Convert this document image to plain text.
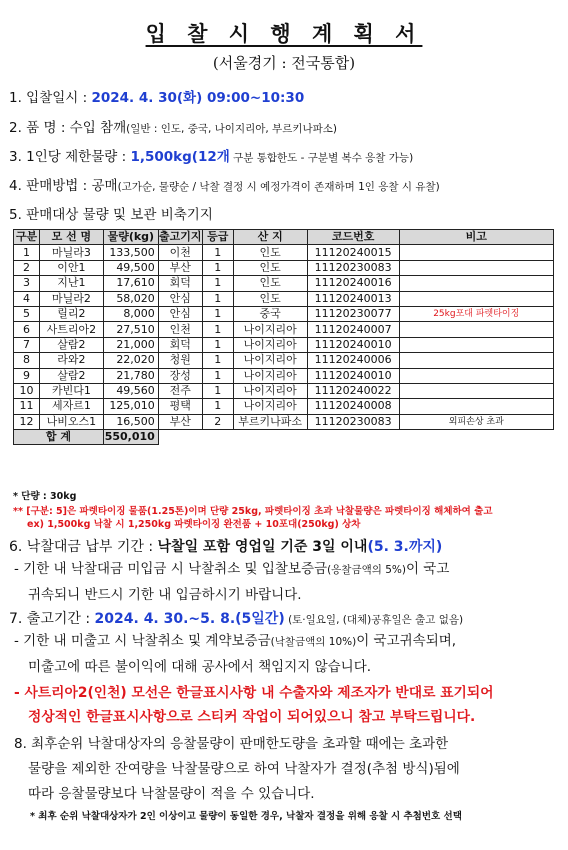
입 찰 시 행 계 획 서
(서울경기 : 전국통합)
1. 입찰일시 : 2024. 4. 30(화) 09:00~10:30
2. 품 명 : 수입 참깨(일반 : 인도, 중국, 나이지리아, 부르키나파소)
3. 1인당 제한물량 : 1,500kg(12개 구분 통합한도 - 구분별 복수 응찰 가능)
4. 판매방법 : 공매(고가순, 물량순 / 낙찰 결정 시 예정가격이 존재하며 1인 응찰 시 유찰)
5. 판매대상 물량 및 보관 비축기지
구분	모 선 명	물량(kg)	출고기지	등급	산 지	코드번호	비고
1	마닐라3	133,500	이천	1	인도	11120240015	
2	이안1	49,500	부산	1	인도	11120230083	
3	지난1	17,610	회덕	1	인도	11120240016	
4	마닐라2	58,020	안심	1	인도	11120240013	
5	릴리2	8,000	안심	1	중국	11120230077	25kg포대 파렛타이징
6	사트리아2	27,510	인천	1	나이지리아	11120240007	
7	살람2	21,000	회덕	1	나이지리아	11120240010	
8	라와2	22,020	청원	1	나이지리아	11120240006	
9	살람2	21,780	장성	1	나이지리아	11120240010	
10	카빈다1	49,560	전주	1	나이지리아	11120240022	
11	세자르1	125,010	평택	1	나이지리아	11120240008	
12	나비오스1	16,500	부산	2	부르키나파소	11120230083	외피손상 초과
합 계		550,010					
* 단량 : 30kg
** [구분: 5]은 파렛타이징 물품(1.25톤)이며 단량 25kg, 파렛타이징 초과 낙찰물량은 파렛타이징 해체하여 출고
ex) 1,500kg 낙찰 시 1,250kg 파렛타이징 완전품 + 10포대(250kg) 상차
6. 낙찰대금 납부 기간 : 낙찰일 포함 영업일 기준 3일 이내(5. 3.까지)
- 기한 내 낙찰대금 미입금 시 낙찰취소 및 입찰보증금(응찰금액의 5%)이 국고
귀속되니 반드시 기한 내 입금하시기 바랍니다.
7. 출고기간 : 2024. 4. 30.~5. 8.(5일간) (토·일요일, (대체)공휴일은 출고 없음)
- 기한 내 미출고 시 낙찰취소 및 계약보증금(낙찰금액의 10%)이 국고귀속되며,
미출고에 따른 불이익에 대해 공사에서 책임지지 않습니다.
- 사트리아2(인천) 모선은 한글표시사항 내 수출자와 제조자가 반대로 표기되어
정상적인 한글표시사항으로 스티커 작업이 되어있으니 참고 부탁드립니다.
8. 최후순위 낙찰대상자의 응찰물량이 판매한도량을 초과할 때에는 초과한
물량을 제외한 잔여량을 낙찰물량으로 하여 낙찰자가 결정(추첨 방식)됨에
따라 응찰물량보다 낙찰물량이 적을 수 있습니다.
* 최후 순위 낙찰대상자가 2인 이상이고 물량이 동일한 경우, 낙찰자 결정을 위해 응찰 시 추첨번호 선택
